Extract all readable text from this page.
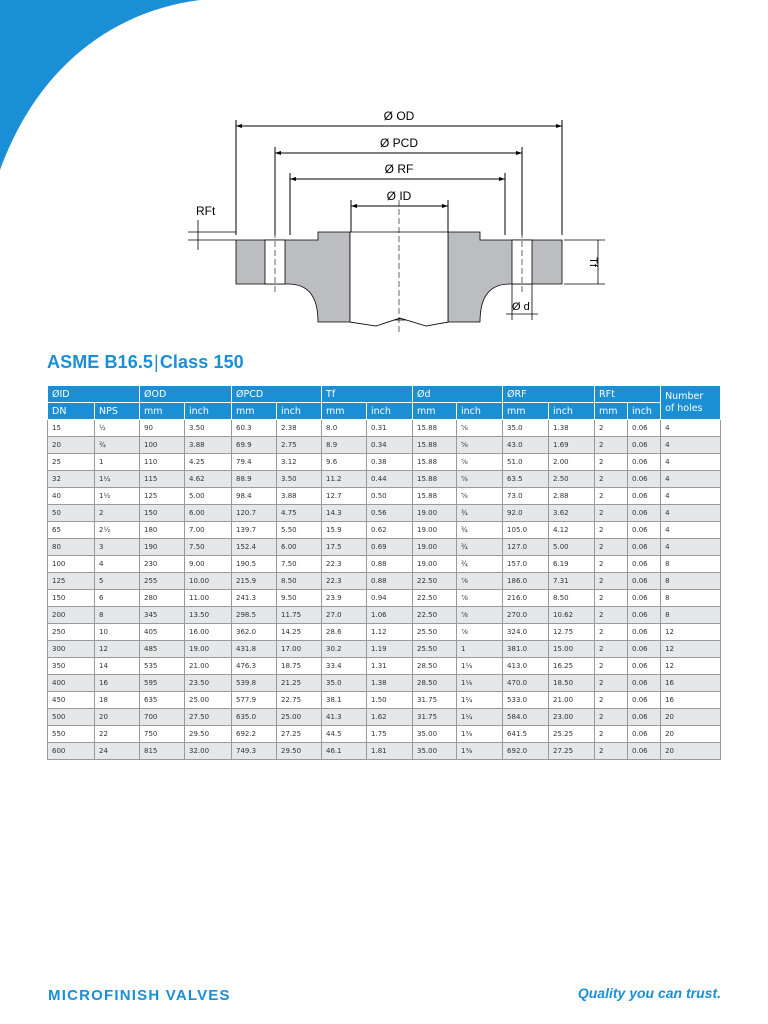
Ø OD
Ø PCD
Ø RF
Ø ID
RFt
Ø d
Tf
ASME B16.5|Class 150
ØID		ØOD		ØPCD		Tf		Ød		ØRF		RFt		Number
of holes
DN	NPS	mm	inch	mm	inch	mm	inch	mm	inch	mm	inch	mm	inch	
15	½	90	3.50	60.3	2.38	8.0	0.31	15.88	⅝	35.0	1.38	2	0.06	4
20	¾	100	3.88	69.9	2.75	8.9	0.34	15.88	⅝	43.0	1.69	2	0.06	4
25	1	110	4.25	79.4	3.12	9.6	0.38	15.88	⅝	51.0	2.00	2	0.06	4
32	1¼	115	4.62	88.9	3.50	11.2	0.44	15.88	⅝	63.5	2.50	2	0.06	4
40	1½	125	5.00	98.4	3.88	12.7	0.50	15.88	⅝	73.0	2.88	2	0.06	4
50	2	150	6.00	120.7	4.75	14.3	0.56	19.00	¾	92.0	3.62	2	0.06	4
65	2½	180	7.00	139.7	5.50	15.9	0.62	19.00	¾	105.0	4.12	2	0.06	4
80	3	190	7.50	152.4	6.00	17.5	0.69	19.00	¾	127.0	5.00	2	0.06	4
100	4	230	9.00	190.5	7.50	22.3	0.88	19.00	¾	157.0	6.19	2	0.06	8
125	5	255	10.00	215.9	8.50	22.3	0.88	22.50	⁷⁄₈	186.0	7.31	2	0.06	8
150	6	280	11.00	241.3	9.50	23.9	0.94	22.50	⁷⁄₈	216.0	8.50	2	0.06	8
200	8	345	13.50	298.5	11.75	27.0	1.06	22.50	⁷⁄₈	270.0	10.62	2	0.06	8
250	10	405	16.00	362.0	14.25	28.6	1.12	25.50	⁷⁄₈	324.0	12.75	2	0.06	12
300	12	485	19.00	431.8	17.00	30.2	1.19	25.50	1	381.0	15.00	2	0.06	12
350	14	535	21.00	476.3	18.75	33.4	1.31	28.50	1⅛	413.0	16.25	2	0.06	12
400	16	595	23.50	539.8	21.25	35.0	1.38	28.50	1⅛	470.0	18.50	2	0.06	16
450	18	635	25.00	577.9	22.75	38.1	1.50	31.75	1¼	533.0	21.00	2	0.06	16
500	20	700	27.50	635.0	25.00	41.3	1.62	31.75	1¼	584.0	23.00	2	0.06	20
550	22	750	29.50	692.2	27.25	44.5	1.75	35.00	1⅜	641.5	25.25	2	0.06	20
600	24	815	32.00	749.3	29.50	46.1	1.81	35.00	1⅜	692.0	27.25	2	0.06	20
MICROFINISH VALVES	Quality you can trust.
